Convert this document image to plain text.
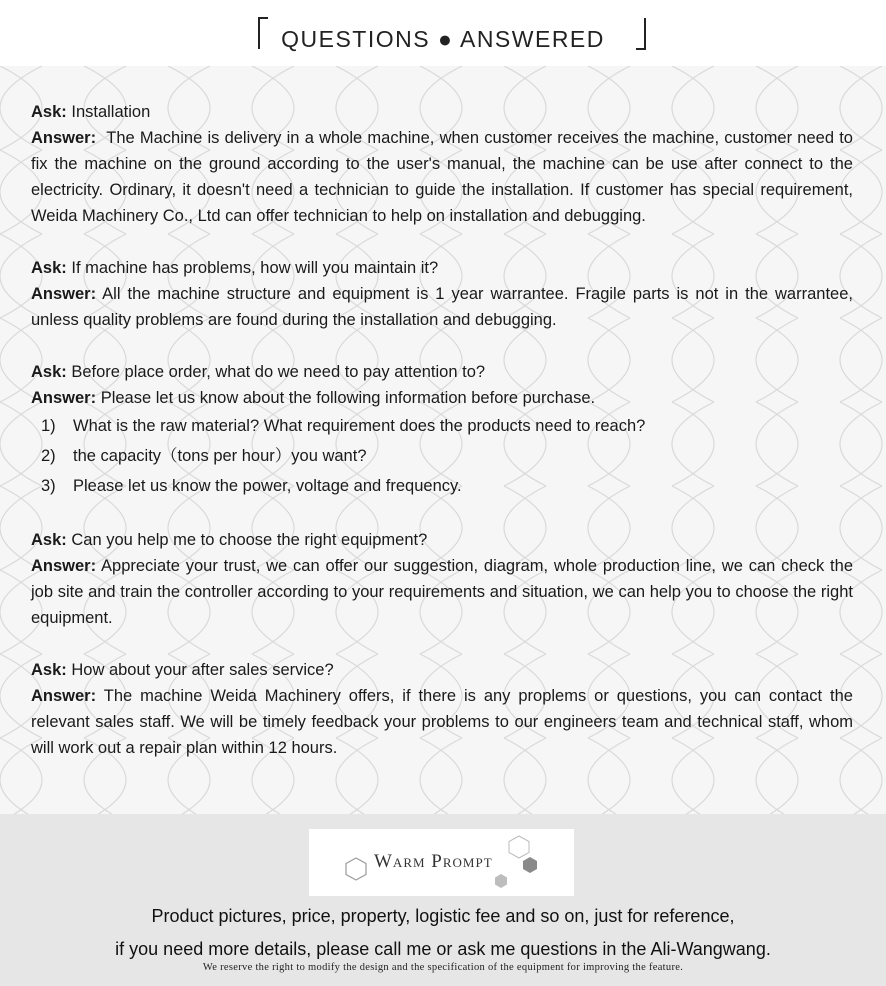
QUESTIONS ● ANSWERED
Ask: Installation
Answer: The Machine is delivery in a whole machine, when customer receives the machine, customer need to fix the machine on the ground according to the user's manual, the machine can be use after connect to the electricity. Ordinary, it doesn't need a technician to guide the installation. If customer has special requirement, Weida Machinery Co., Ltd can offer technician to help on installation and debugging.
Ask: If machine has problems, how will you maintain it?
Answer: All the machine structure and equipment is 1 year warrantee. Fragile parts is not in the warrantee, unless quality problems are found during the installation and debugging.
Ask: Before place order, what do we need to pay attention to?
Answer: Please let us know about the following information before purchase.
1)	What is the raw material? What requirement does the products need to reach?
2)	the capacity（tons per hour）you want?
3)	Please let us know the power, voltage and frequency.
Ask: Can you help me to choose the right equipment?
Answer: Appreciate your trust, we can offer our suggestion, diagram, whole production line, we can check the job site and train the controller according to your requirements and situation, we can help you to choose the right equipment.
Ask: How about your after sales service?
Answer: The machine Weida Machinery offers, if there is any proplems or questions, you can contact the relevant sales staff. We will be timely feedback your problems to our engineers team and technical staff, whom will work out a repair plan within 12 hours.
Warm Prompt
Product pictures, price, property, logistic fee and so on, just for reference,
if you need more details, please call me or ask me questions in the Ali-Wangwang.
We reserve the right to modify the design and the specification of the equipment for improving the feature.
